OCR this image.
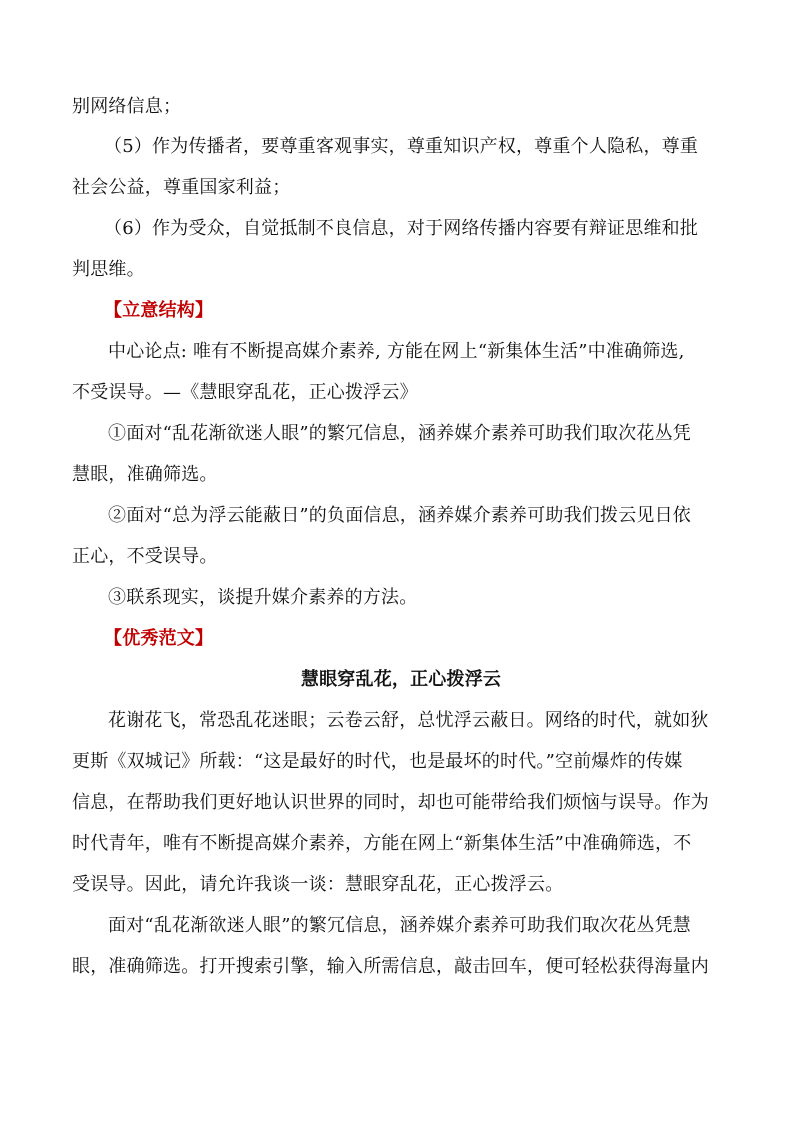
别网络信息；
（5）作为传播者，要尊重客观事实，尊重知识产权，尊重个人隐私，尊重
社会公益，尊重国家利益；
（6）作为受众，自觉抵制不良信息，对于网络传播内容要有辩证思维和批
判思维。
【立意结构】
中心论点: 唯有不断提高媒介素养, 方能在网上“新集体生活”中准确筛选,
不受误导。—《慧眼穿乱花，正心拨浮云》
①面对“乱花渐欲迷人眼”的繁冗信息，涵养媒介素养可助我们取次花丛凭
慧眼，准确筛选。
②面对“总为浮云能蔽日”的负面信息，涵养媒介素养可助我们拨云见日依
正心，不受误导。
③联系现实，谈提升媒介素养的方法。
【优秀范文】
慧眼穿乱花，正心拨浮云
花谢花飞，常恐乱花迷眼；云卷云舒，总忧浮云蔽日。网络的时代，就如狄
更斯《双城记》所载：“这是最好的时代，也是最坏的时代。”空前爆炸的传媒
信息，在帮助我们更好地认识世界的同时，却也可能带给我们烦恼与误导。作为
时代青年，唯有不断提高媒介素养，方能在网上“新集体生活”中准确筛选，不
受误导。因此，请允许我谈一谈：慧眼穿乱花，正心拨浮云。
面对“乱花渐欲迷人眼”的繁冗信息，涵养媒介素养可助我们取次花丛凭慧
眼，准确筛选。打开搜索引擎，输入所需信息，敲击回车，便可轻松获得海量内
